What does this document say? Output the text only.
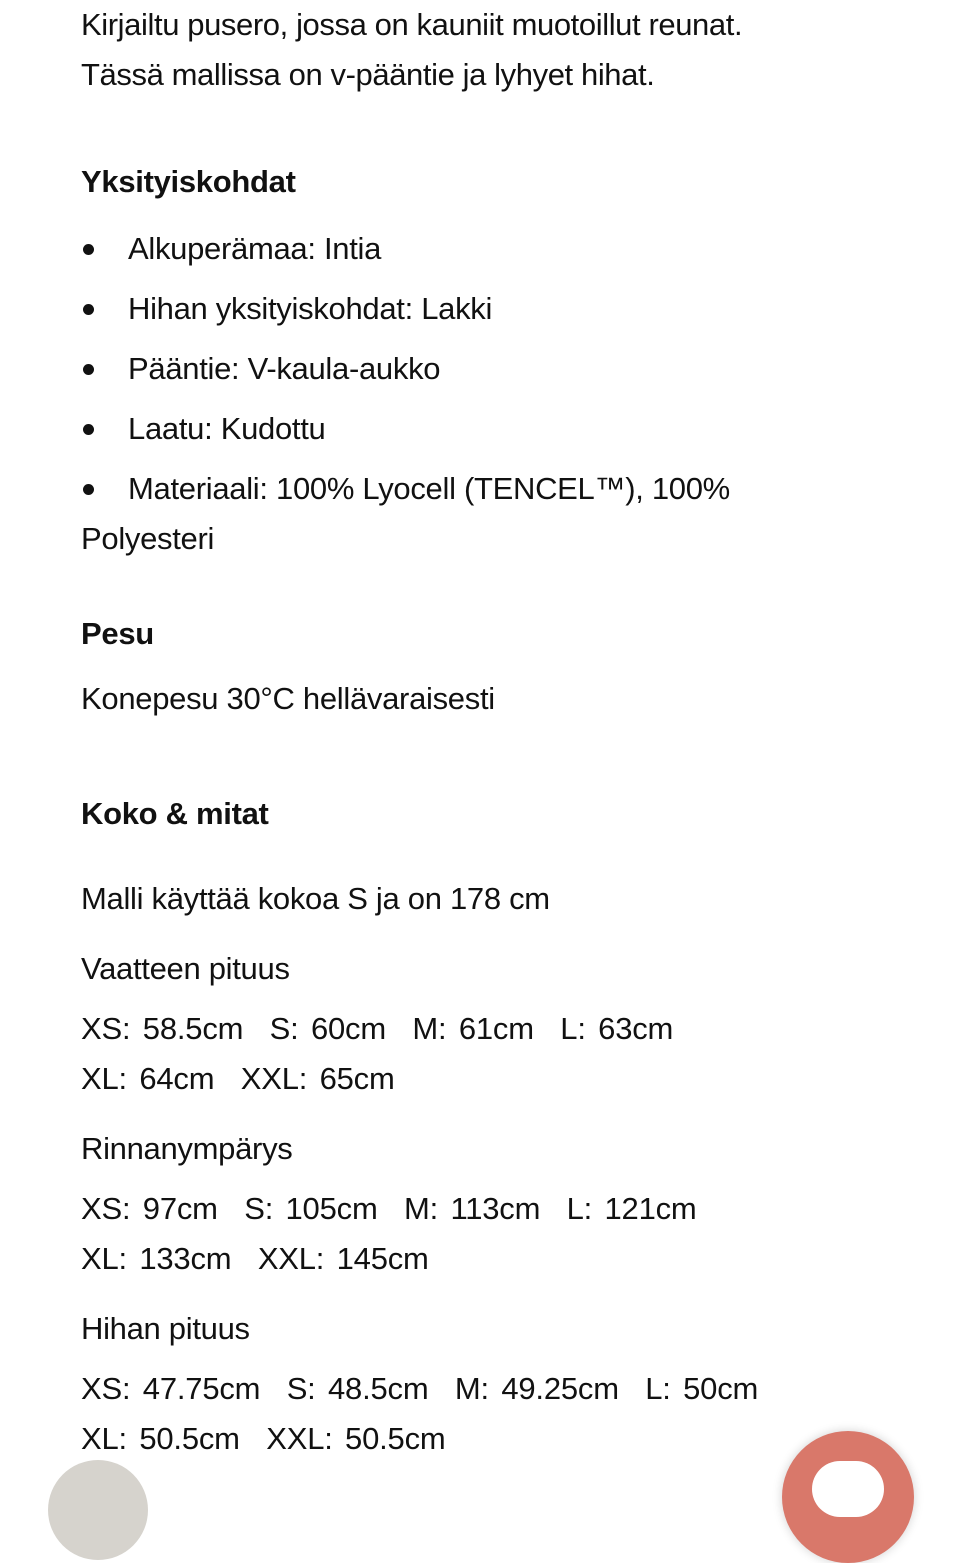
Kirjailtu pusero, jossa on kauniit muotoillut reunat.

Tässä mallissa on v-pääntie ja lyhyet hihat.

Yksityiskohdat
Alkuperämaa: Intia
Hihan yksityiskohdat: Lakki
Pääntie: V-kaula-aukko
Laatu: Kudottu
Materiaali: 100% Lyocell (TENCEL™), 100% Polyesteri
Pesu

Konepesu 30°C hellävaraisesti

Koko & mitat

Malli käyttää kokoa S ja on 178 cm

Vaatteen pituus

XS: 58.5cm S: 60cm M: 61cm L: 63cm XL: 64cm XXL: 65cm

Rinnanympärys

XS: 97cm S: 105cm M: 113cm L: 121cm XL: 133cm XXL: 145cm

Hihan pituus

XS: 47.75cm S: 48.5cm M: 49.25cm L: 50cm XL: 50.5cm XXL: 50.5cm
